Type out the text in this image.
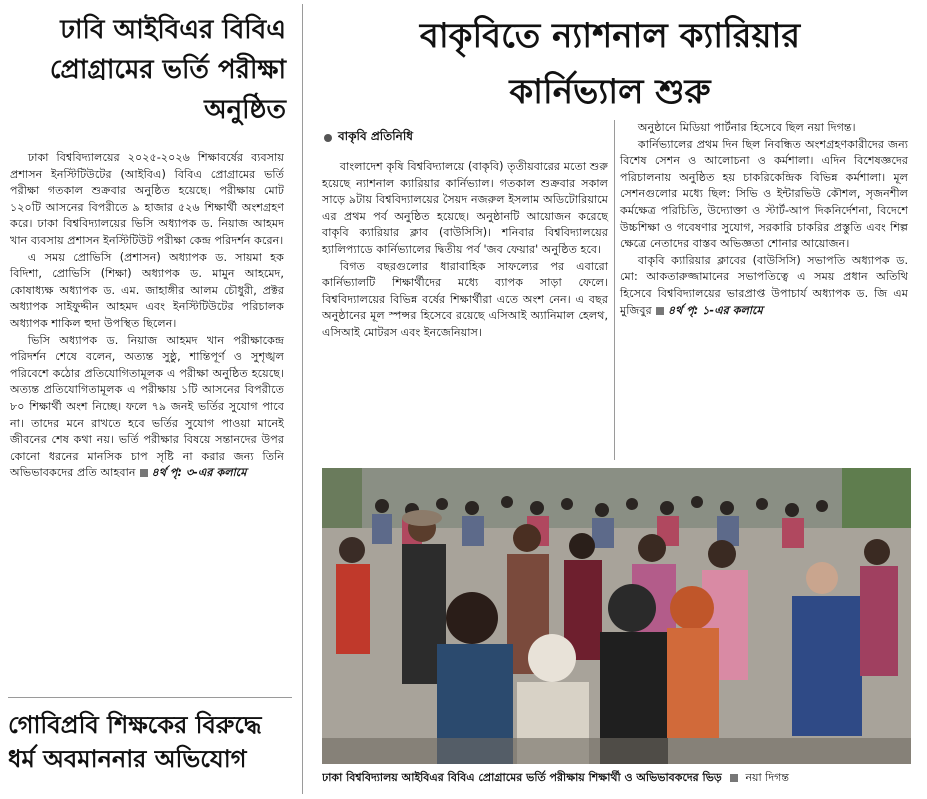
ঢাবি আইবিএর বিবিএ প্রোগ্রামের ভর্তি পরীক্ষা অনুষ্ঠিত

ঢাকা বিশ্ববিদ্যালয়ের ২০২৫-২০২৬ শিক্ষাবর্ষের ব্যবসায় প্রশাসন ইনস্টিটিউটের (আইবিএ) বিবিএ প্রোগ্রামের ভর্তি পরীক্ষা গতকাল শুক্রবার অনুষ্ঠিত হয়েছে। পরীক্ষায় মোট ১২০টি আসনের বিপরীতে ৯ হাজার ৫২৬ শিক্ষার্থী অংশগ্রহণ করে। ঢাকা বিশ্ববিদ্যালয়ের ভিসি অধ্যাপক ড. নিয়াজ আহমদ খান ব্যবসায় প্রশাসন ইনস্টিটিউট পরীক্ষা কেন্দ্র পরিদর্শন করেন।

এ সময় প্রোভিসি (প্রশাসন) অধ্যাপক ড. সায়মা হক বিদিশা, প্রোভিসি (শিক্ষা) অধ্যাপক ড. মামুন আহমেদ, কোষাধ্যক্ষ অধ্যাপক ড. এম. জাহাঙ্গীর আলম চৌধুরী, প্রক্টর অধ্যাপক সাইফুদ্দীন আহমদ এবং ইনস্টিটিউটের পরিচালক অধ্যাপক শাকিল হুদা উপস্থিত ছিলেন।

ভিসি অধ্যাপক ড. নিয়াজ আহমদ খান পরীক্ষাকেন্দ্র পরিদর্শন শেষে বলেন, অত্যন্ত সুষ্ঠু, শান্তিপূর্ণ ও সুশৃঙ্খল পরিবেশে কঠোর প্রতিযোগিতামূলক এ পরীক্ষা অনুষ্ঠিত হয়েছে। অত্যন্ত প্রতিযোগিতামূলক এ পরীক্ষায় ১টি আসনের বিপরীতে ৮০ শিক্ষার্থী অংশ নিচ্ছে। ফলে ৭৯ জনই ভর্তির সুযোগ পাবে না। তাদের মনে রাখতে হবে ভর্তির সুযোগ পাওয়া মানেই জীবনের শেষ কথা নয়। ভর্তি পরীক্ষার বিষয়ে সন্তানদের উপর কোনো ধরনের মানসিক চাপ সৃষ্টি না করার জন্য তিনি অভিভাবকদের প্রতি আহবান ৪র্থ পৃ: ৩-এর কলামে

গোবিপ্রবি শিক্ষকের বিরুদ্ধে ধর্ম অবমাননার অভিযোগ
বাকৃবিতে ন্যাশনাল ক্যারিয়ার
কার্নিভ্যাল শুরু
বাকৃবি প্রতিনিধি

বাংলাদেশ কৃষি বিশ্ববিদ্যালয়ে (বাকৃবি) তৃতীয়বারের মতো শুরু হয়েছে ন্যাশনাল ক্যারিয়ার কার্নিভ্যাল। গতকাল শুক্রবার সকাল সাড়ে ৯টায় বিশ্ববিদ্যালয়ের সৈয়দ নজরুল ইসলাম অডিটোরিয়ামে এর প্রথম পর্ব অনুষ্ঠিত হয়েছে। অনুষ্ঠানটি আয়োজন করেছে বাকৃবি ক্যারিয়ার ক্লাব (বাউসিসি)। শনিবার বিশ্ববিদ্যালয়ের হ্যালিপ্যাডে কার্নিভ্যালের দ্বিতীয় পর্ব 'জব ফেয়ার' অনুষ্ঠিত হবে।

বিগত বছরগুলোর ধারাবাহিক সাফল্যের পর এবারো কার্নিভ্যালটি শিক্ষার্থীদের মধ্যে ব্যাপক সাড়া ফেলে। বিশ্ববিদ্যালয়ের বিভিন্ন বর্ষের শিক্ষার্থীরা এতে অংশ নেন। এ বছর অনুষ্ঠানের মূল স্পন্সর হিসেবে রয়েছে এসিআই অ্যানিমাল হেলথ, এসিআই মোটরস এবং ইনজেনিয়াস।

অনুষ্ঠানে মিডিয়া পার্টনার হিসেবে ছিল নয়া দিগন্ত।

কার্নিভ্যালের প্রথম দিন ছিল নিবন্ধিত অংশগ্রহণকারীদের জন্য বিশেষ সেশন ও আলোচনা ও কর্মশালা। এদিন বিশেষজ্ঞদের পরিচালনায় অনুষ্ঠিত হয় চাকরিকেন্দ্রিক বিভিন্ন কর্মশালা। মূল সেশনগুলোর মধ্যে ছিল: সিভি ও ইন্টারভিউ কৌশল, সৃজনশীল কর্মক্ষেত্র পরিচিতি, উদ্যোক্তা ও স্টার্ট-আপ দিকনির্দেশনা, বিদেশে উচ্চশিক্ষা ও গবেষণার সুযোগ, সরকারি চাকরির প্রস্তুতি এবং শিল্প ক্ষেত্রে নেতাদের বাস্তব অভিজ্ঞতা শোনার আয়োজন।

বাকৃবি ক্যারিয়ার ক্লাবের (বাউসিসি) সভাপতি অধ্যাপক ড. মো: আকতারুজ্জামানের সভাপতিত্বে এ সময় প্রধান অতিথি হিসেবে বিশ্ববিদ্যালয়ের ভারপ্রাপ্ত উপাচার্য অধ্যাপক ড. জি এম মুজিবুর ৪র্থ পৃ: ১-এর কলামে

ঢাকা বিশ্ববিদ্যালয় আইবিএর বিবিএ প্রোগ্রামের ভর্তি পরীক্ষায় শিক্ষার্থী ও অভিভাবকদের ভিড় নয়া দিগন্ত
